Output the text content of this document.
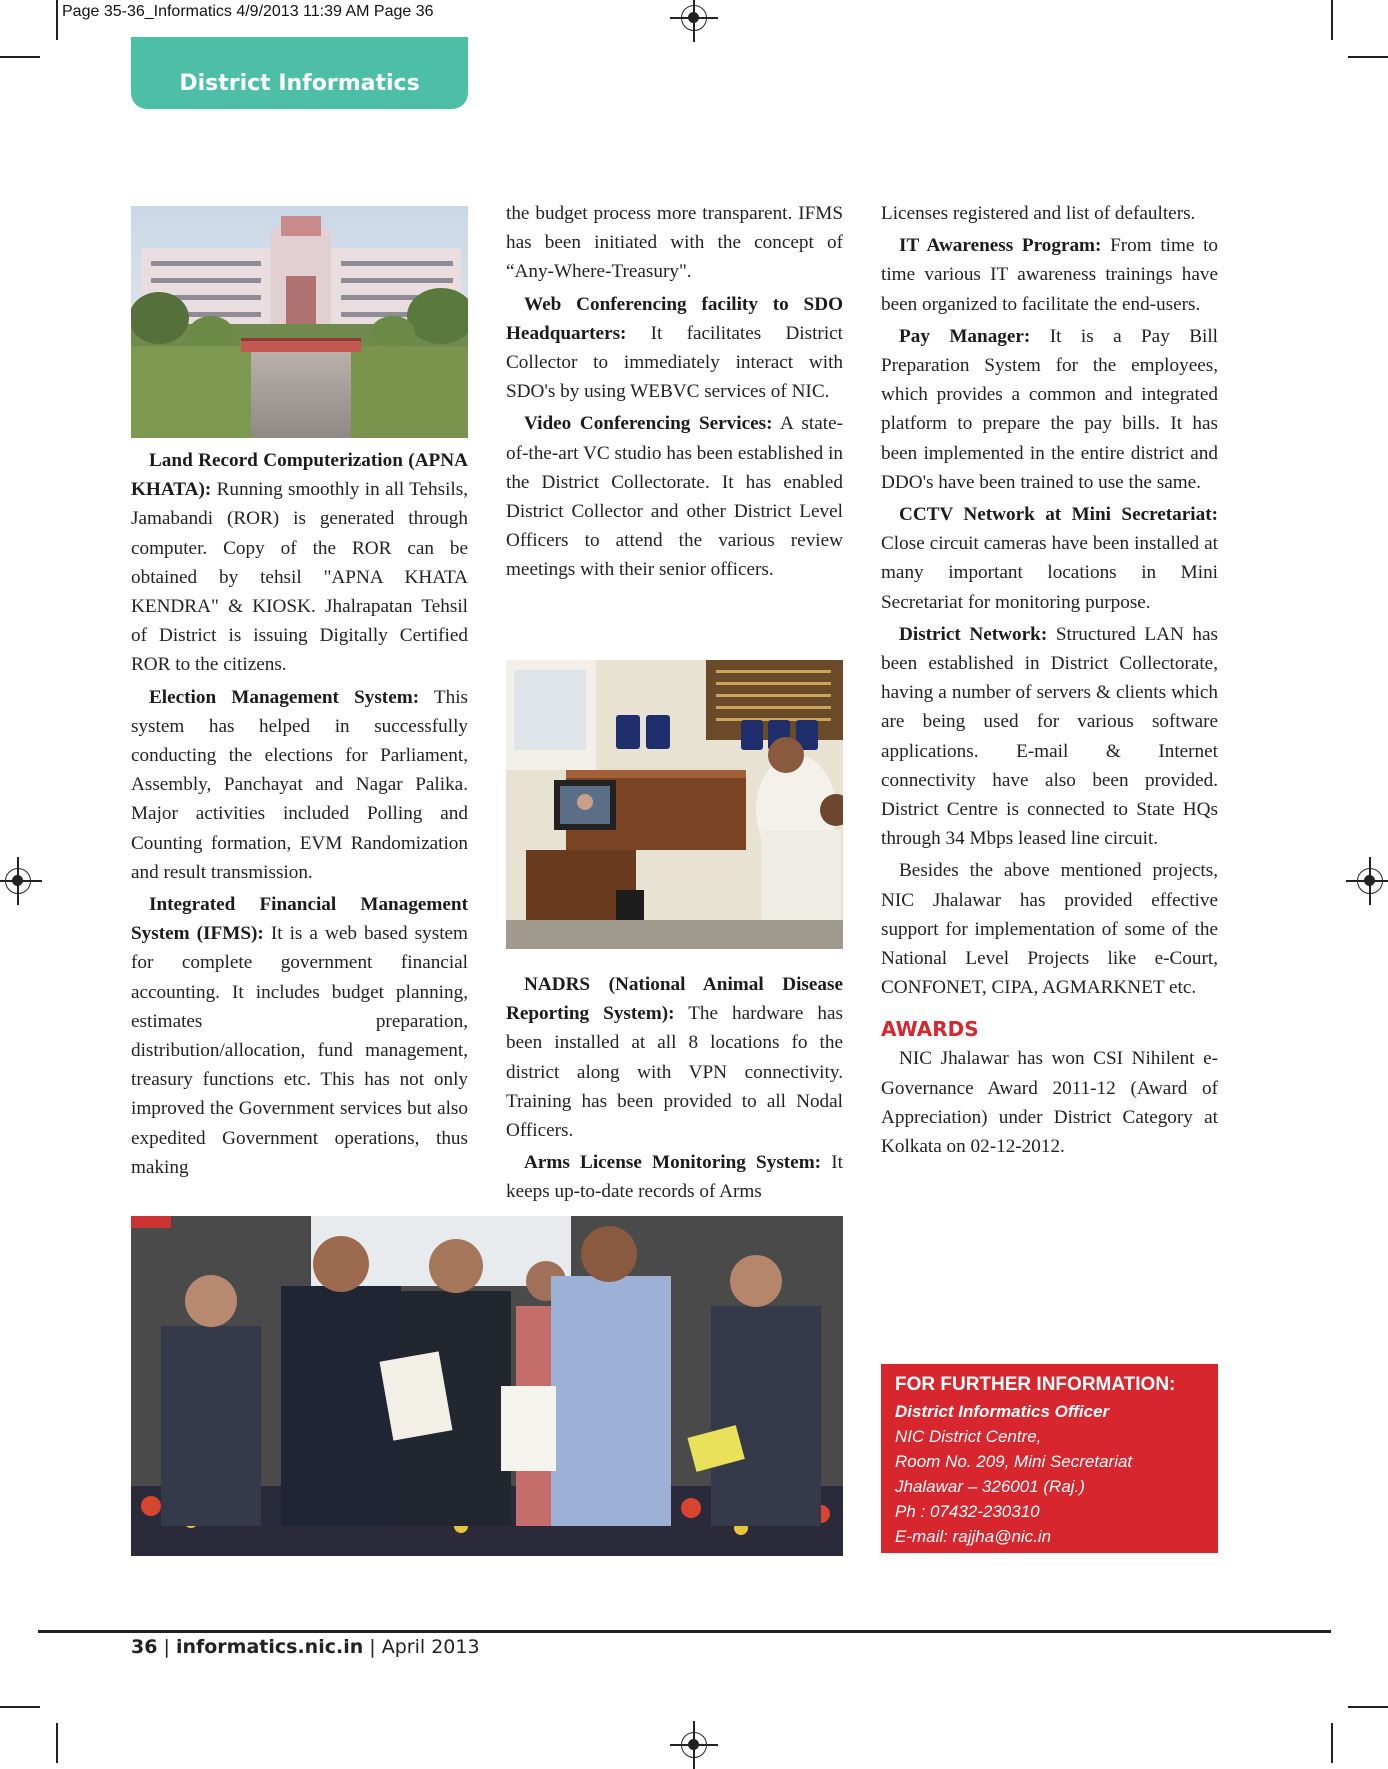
Page 35-36_Informatics 4/9/2013 11:39 AM Page 36
District Informatics

Land Record Computerization (APNA KHATA): Running smoothly in all Tehsils, Jamabandi (ROR) is generated through computer. Copy of the ROR can be obtained by tehsil "APNA KHATA KENDRA" & KIOSK. Jhalrapatan Tehsil of District is issuing Digitally Certified ROR to the citizens.

Election Management System: This system has helped in successfully conducting the elections for Parliament, Assembly, Panchayat and Nagar Palika. Major activities included Polling and Counting formation, EVM Randomization and result transmission.

Integrated Financial Management System (IFMS): It is a web based system for complete government financial accounting. It includes budget planning, estimates preparation, distribution/allocation, fund management, treasury functions etc. This has not only improved the Government services but also expedited Government operations, thus making

the budget process more transparent. IFMS has been initiated with the concept of “Any-Where-Treasury".

Web Conferencing facility to SDO Headquarters: It facilitates District Collector to immediately interact with SDO's by using WEBVC services of NIC.

Video Conferencing Services: A state-of-the-art VC studio has been established in the District Collectorate. It has enabled District Collector and other District Level Officers to attend the various review meetings with their senior officers.

NADRS (National Animal Disease Reporting System): The hardware has been installed at all 8 locations fo the district along with VPN connectivity. Training has been provided to all Nodal Officers.

Arms License Monitoring System: It keeps up-to-date records of Arms

Licenses registered and list of defaulters.

IT Awareness Program: From time to time various IT awareness trainings have been organized to facilitate the end-users.

Pay Manager: It is a Pay Bill Preparation System for the employees, which provides a common and integrated platform to prepare the pay bills. It has been implemented in the entire district and DDO's have been trained to use the same.

CCTV Network at Mini Secretariat: Close circuit cameras have been installed at many important locations in Mini Secretariat for monitoring purpose.

District Network: Structured LAN has been established in District Collectorate, having a number of servers & clients which are being used for various software applications. E-mail & Internet connectivity have also been provided. District Centre is connected to State HQs through 34 Mbps leased line circuit.

Besides the above mentioned projects, NIC Jhalawar has provided effective support for implementation of some of the National Level Projects like e-Court, CONFONET, CIPA, AGMARKNET etc.

AWARDS

NIC Jhalawar has won CSI Nihilent e-Governance Award 2011-12 (Award of Appreciation) under District Category at Kolkata on 02-12-2012.

FOR FURTHER INFORMATION:
District Informatics Officer
NIC District Centre,
Room No. 209, Mini Secretariat
Jhalawar – 326001 (Raj.)
Ph : 07432-230310
E-mail: rajjha@nic.in
36 | informatics.nic.in | April 2013
